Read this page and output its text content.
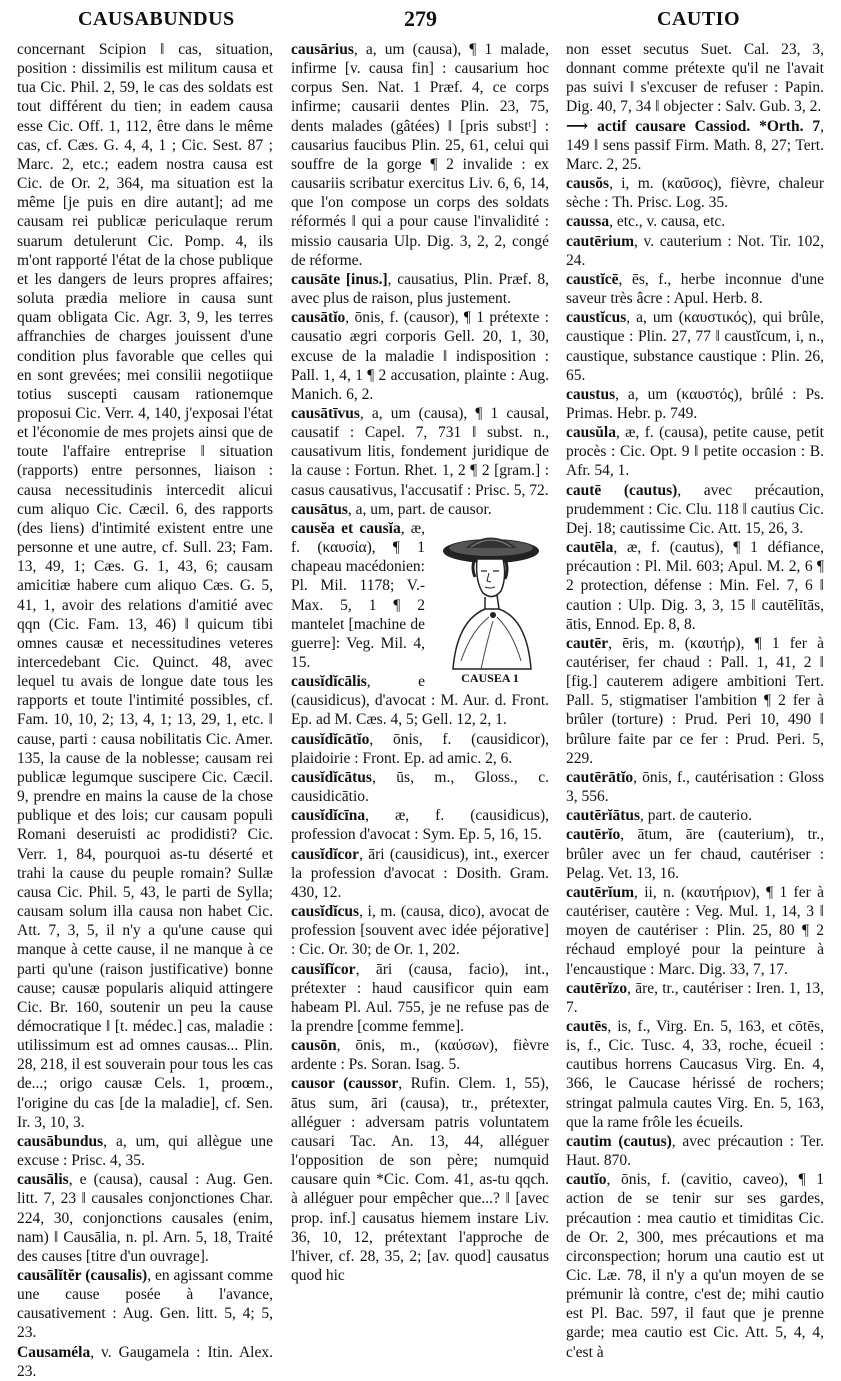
CAUSABUNDUS	279	CAUTIO

concernant Scipion ‖ cas, situation, position : dissimilis est militum causa et tua Cic. Phil. 2, 59, le cas des soldats est tout différent du tien; in eadem causa esse Cic. Off. 1, 112, être dans le même cas, cf. Cæs. G. 4, 4, 1 ; Cic. Sest. 87 ; Marc. 2, etc.; eadem nostra causa est Cic. de Or. 2, 364, ma situation est la même [je puis en dire autant]; ad me causam rei publicæ periculaque rerum suarum detulerunt Cic. Pomp. 4, ils m'ont rapporté l'état de la chose publique et les dangers de leurs propres affaires; soluta prædia meliore in causa sunt quam obligata Cic. Agr. 3, 9, les terres affranchies de charges jouissent d'une condition plus favorable que celles qui en sont grevées; mei consilii negotiique totius suscepti causam rationemque proposui Cic. Verr. 4, 140, j'exposai l'état et l'économie de mes projets ainsi que de toute l'affaire entreprise ‖ situation (rapports) entre personnes, liaison : causa necessitudinis intercedit alicui cum aliquo Cic. Cæcil. 6, des rapports (des liens) d'intimité existent entre une personne et une autre, cf. Sull. 23; Fam. 13, 49, 1; Cæs. G. 1, 43, 6; causam amicitiæ habere cum aliquo Cæs. G. 5, 41, 1, avoir des relations d'amitié avec qqn (Cic. Fam. 13, 46) ‖ quicum tibi omnes causæ et necessitudines veteres intercedebant Cic. Quinct. 48, avec lequel tu avais de longue date tous les rapports et toute l'intimité possibles, cf. Fam. 10, 10, 2; 13, 4, 1; 13, 29, 1, etc. ‖ cause, parti : causa nobilitatis Cic. Amer. 135, la cause de la noblesse; causam rei publicæ legumque suscipere Cic. Cæcil. 9, prendre en mains la cause de la chose publique et des lois; cur causam populi Romani deseruisti ac prodidisti? Cic. Verr. 1, 84, pourquoi as-tu déserté et trahi la cause du peuple romain? Sullæ causa Cic. Phil. 5, 43, le parti de Sylla; causam solum illa causa non habet Cic. Att. 7, 3, 5, il n'y a qu'une cause qui manque à cette cause, il ne manque à ce parti qu'une (raison justificative) bonne cause; causæ popularis aliquid attingere Cic. Br. 160, soutenir un peu la cause démocratique ‖ [t. médec.] cas, maladie : utilissimum est ad omnes causas... Plin. 28, 218, il est souverain pour tous les cas de...; origo causæ Cels. 1, proœm., l'origine du cas [de la maladie], cf. Sen. Ir. 3, 10, 3.

causābundus, a, um, qui allègue une excuse : Prisc. 4, 35.

causālis, e (causa), causal : Aug. Gen. litt. 7, 23 ‖ causales conjonctiones Char. 224, 30, conjonctions causales (enim, nam) ‖ Causālia, n. pl. Arn. 5, 18, Traité des causes [titre d'un ouvrage].

causālĭtĕr (causalis), en agissant comme une cause posée à l'avance, causativement : Aug. Gen. litt. 5, 4; 5, 23.

Causaméla, v. Gaugamela : Itin. Alex. 23.

causārius, a, um (causa), ¶ 1 malade, infirme [v. causa fin] : causarium hoc corpus Sen. Nat. 1 Præf. 4, ce corps infirme; causarii dentes Plin. 23, 75, dents malades (gâtées) ‖ [pris substᵗ] : causarius faucibus Plin. 25, 61, celui qui souffre de la gorge ¶ 2 invalide : ex causariis scribatur exercitus Liv. 6, 6, 14, que l'on compose un corps des soldats réformés ‖ qui a pour cause l'invalidité : missio causaria Ulp. Dig. 3, 2, 2, congé de réforme.

causāte [inus.], causatius, Plin. Præf. 8, avec plus de raison, plus justement.

causātĭo, ōnis, f. (causor), ¶ 1 prétexte : causatio ægri corporis Gell. 20, 1, 30, excuse de la maladie ‖ indisposition : Pall. 1, 4, 1 ¶ 2 accusation, plainte : Aug. Manich. 6, 2.

causātīvus, a, um (causa), ¶ 1 causal, causatif : Capel. 7, 731 ‖ subst. n., causativum litis, fondement juridique de la cause : Fortun. Rhet. 1, 2 ¶ 2 [gram.] : casus causativus, l'accusatif : Prisc. 5, 72.

causātus, a, um, part. de causor.

CAUSEA 1

causĕa et causĭa, æ, f. (καυσία), ¶ 1 chapeau macédonien: Pl. Mil. 1178; V.-Max. 5, 1 ¶ 2 mantelet [machine de guerre]: Veg. Mil. 4, 15.

causĭdĭcālis, e (causidicus), d'avocat : M. Aur. d. Front. Ep. ad M. Cæs. 4, 5; Gell. 12, 2, 1.

causĭdĭcātĭo, ōnis, f. (causidicor), plaidoirie : Front. Ep. ad amic. 2, 6.

causĭdĭcātus, ūs, m., Gloss., c. causidicātio.

causĭdĭcīna, æ, f. (causidicus), profession d'avocat : Sym. Ep. 5, 16, 15.

causĭdĭcor, āri (causidicus), int., exercer la profession d'avocat : Dosith. Gram. 430, 12.

causĭdĭcus, i, m. (causa, dico), avocat de profession [souvent avec idée péjorative] : Cic. Or. 30; de Or. 1, 202.

causĭfĭcor, āri (causa, facio), int., prétexter : haud causificor quin eam habeam Pl. Aul. 755, je ne refuse pas de la prendre [comme femme].

causōn, ōnis, m., (καύσων), fièvre ardente : Ps. Soran. Isag. 5.

causor (caussor, Rufin. Clem. 1, 55), ātus sum, āri (causa), tr., prétexter, alléguer : adversam patris voluntatem causari Tac. An. 13, 44, alléguer l'opposition de son père; numquid causare quin *Cic. Com. 41, as-tu qqch. à alléguer pour empêcher que...? ‖ [avec prop. inf.] causatus hiemem instare Liv. 36, 10, 12, prétextant l'approche de l'hiver, cf. 28, 35, 2; [av. quod] causatus quod hic

non esset secutus Suet. Cal. 23, 3, donnant comme prétexte qu'il ne l'avait pas suivi ‖ s'excuser de refuser : Papin. Dig. 40, 7, 34 ‖ objecter : Salv. Gub. 3, 2.

⟶ actif causare Cassiod. *Orth. 7, 149 ‖ sens passif Firm. Math. 8, 27; Tert. Marc. 2, 25.

causŏs, i, m. (καῦσος), fièvre, chaleur sèche : Th. Prisc. Log. 35.

caussa, etc., v. causa, etc.

cautērium, v. cauterium : Not. Tir. 102, 24.

caustĭcē, ēs, f., herbe inconnue d'une saveur très âcre : Apul. Herb. 8.

caustĭcus, a, um (καυστικός), qui brûle, caustique : Plin. 27, 77 ‖ caustĭcum, i, n., caustique, substance caustique : Plin. 26, 65.

caustus, a, um (καυστός), brûlé : Ps. Primas. Hebr. p. 749.

causŭla, æ, f. (causa), petite cause, petit procès : Cic. Opt. 9 ‖ petite occasion : B. Afr. 54, 1.

cautē (cautus), avec précaution, prudemment : Cic. Clu. 118 ‖ cautius Cic. Dej. 18; cautissime Cic. Att. 15, 26, 3.

cautēla, æ, f. (cautus), ¶ 1 défiance, précaution : Pl. Mil. 603; Apul. M. 2, 6 ¶ 2 protection, défense : Min. Fel. 7, 6 ‖ caution : Ulp. Dig. 3, 3, 15 ‖ cautēlītās, ātis, Ennod. Ep. 8, 8.

cautēr, ēris, m. (καυτήρ), ¶ 1 fer à cautériser, fer chaud : Pall. 1, 41, 2 ‖ [fig.] cauterem adigere ambitioni Tert. Pall. 5, stigmatiser l'ambition ¶ 2 fer à brûler (torture) : Prud. Peri 10, 490 ‖ brûlure faite par ce fer : Prud. Peri. 5, 229.

cautērātĭo, ōnis, f., cautérisation : Gloss 3, 556.

cautērĭātus, part. de cauterio.

cautērĭo, ātum, āre (cauterium), tr., brûler avec un fer chaud, cautériser : Pelag. Vet. 13, 16.

cautērĭum, ii, n. (καυτήριον), ¶ 1 fer à cautériser, cautère : Veg. Mul. 1, 14, 3 ‖ moyen de cautériser : Plin. 25, 80 ¶ 2 réchaud employé pour la peinture à l'encaustique : Marc. Dig. 33, 7, 17.

cautērĭzo, āre, tr., cautériser : Iren. 1, 13, 7.

cautēs, is, f., Virg. En. 5, 163, et cōtēs, is, f., Cic. Tusc. 4, 33, roche, écueil : cautibus horrens Caucasus Virg. En. 4, 366, le Caucase hérissé de rochers; stringat palmula cautes Virg. En. 5, 163, que la rame frôle les écueils.

cautim (cautus), avec précaution : Ter. Haut. 870.

cautĭo, ōnis, f. (cavitio, caveo), ¶ 1 action de se tenir sur ses gardes, précaution : mea cautio et timiditas Cic. de Or. 2, 300, mes précautions et ma circonspection; horum una cautio est ut Cic. Læ. 78, il n'y a qu'un moyen de se prémunir là contre, c'est de; mihi cautio est Pl. Bac. 597, il faut que je prenne garde; mea cautio est Cic. Att. 5, 4, 4, c'est à
